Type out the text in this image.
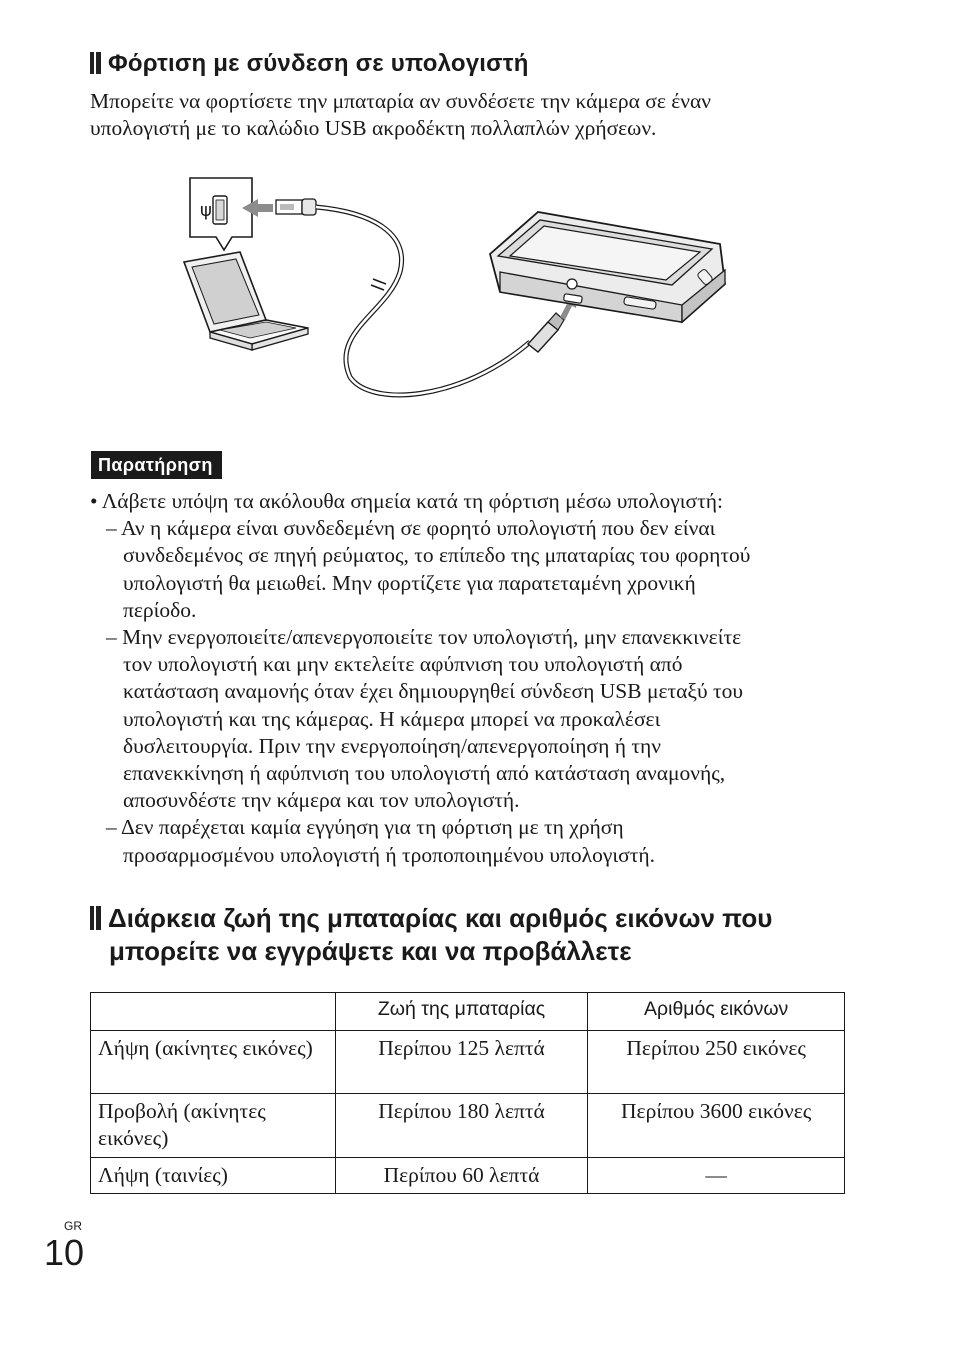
Φόρτιση με σύνδεση σε υπολογιστή
Μπορείτε να φορτίσετε την μπαταρία αν συνδέσετε την κάμερα σε έναν
υπολογιστή με το καλώδιο USB ακροδέκτη πολλαπλών χρήσεων.
ψ
Παρατήρηση
• Λάβετε υπόψη τα ακόλουθα σημεία κατά τη φόρτιση μέσω υπολογιστή:
– Αν η κάμερα είναι συνδεδεμένη σε φορητό υπολογιστή που δεν είναι
συνδεδεμένος σε πηγή ρεύματος, το επίπεδο της μπαταρίας του φορητού
υπολογιστή θα μειωθεί. Μην φορτίζετε για παρατεταμένη χρονική
περίοδο.
– Μην ενεργοποιείτε/απενεργοποιείτε τον υπολογιστή, μην επανεκκινείτε
τον υπολογιστή και μην εκτελείτε αφύπνιση του υπολογιστή από
κατάσταση αναμονής όταν έχει δημιουργηθεί σύνδεση USB μεταξύ του
υπολογιστή και της κάμερας. Η κάμερα μπορεί να προκαλέσει
δυσλειτουργία. Πριν την ενεργοποίηση/απενεργοποίηση ή την
επανεκκίνηση ή αφύπνιση του υπολογιστή από κατάσταση αναμονής,
αποσυνδέστε την κάμερα και τον υπολογιστή.
– Δεν παρέχεται καμία εγγύηση για τη φόρτιση με τη χρήση
προσαρμοσμένου υπολογιστή ή τροποποιημένου υπολογιστή.
Διάρκεια ζωή της μπαταρίας και αριθμός εικόνων που
μπορείτε να εγγράψετε και να προβάλλετε
	Ζωή της μπαταρίας	Αριθμός εικόνων
Λήψη (ακίνητες εικόνες)	Περίπου 125 λεπτά	Περίπου 250 εικόνες
Προβολή (ακίνητες εικόνες)	Περίπου 180 λεπτά	Περίπου 3600 εικόνες
Λήψη (ταινίες)	Περίπου 60 λεπτά	—
GR
10
